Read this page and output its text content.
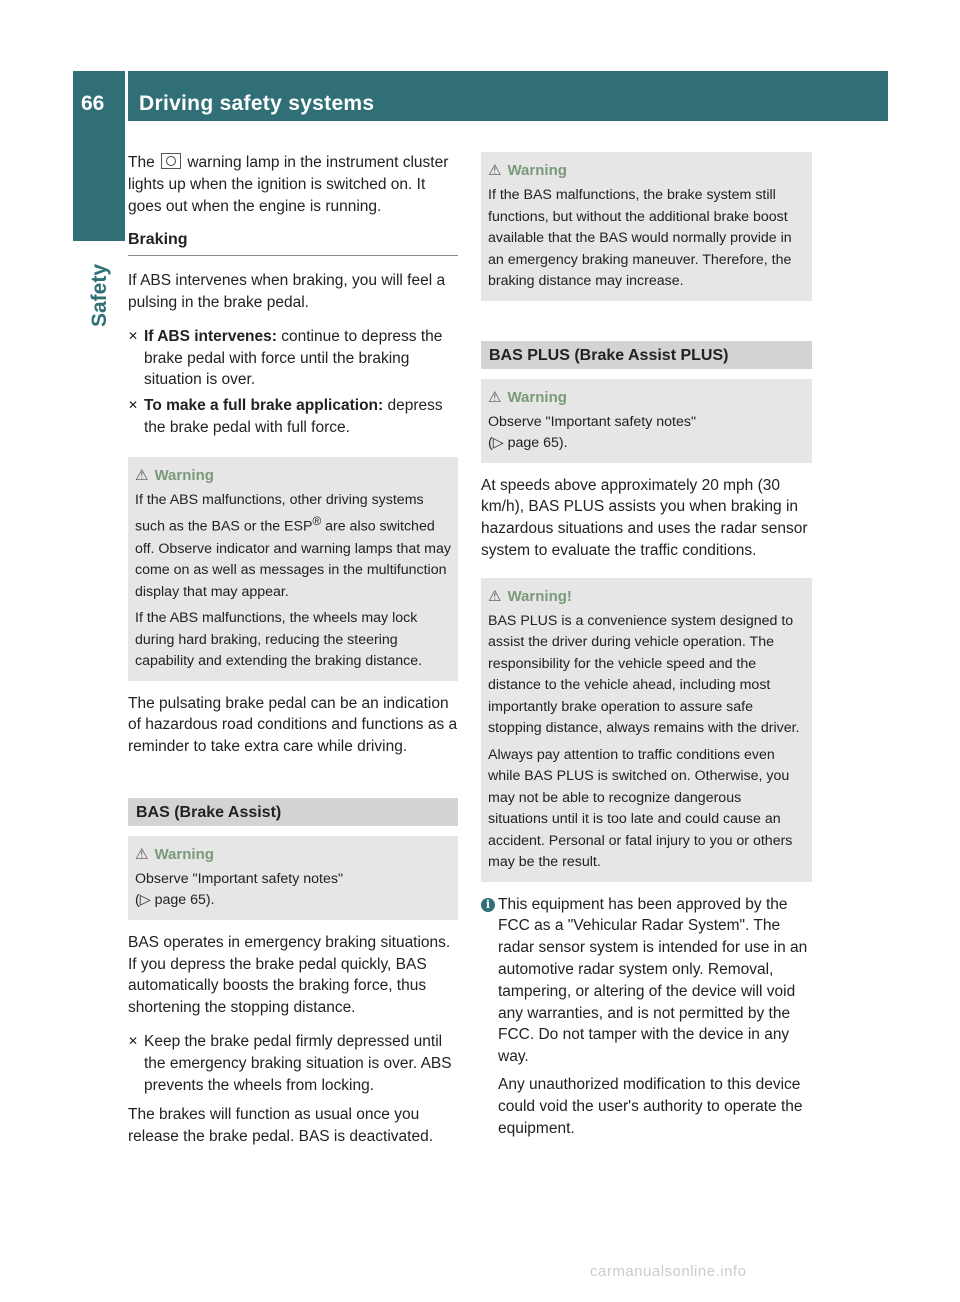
66	Driving safety systems
Safety

The warning lamp in the instrument cluster lights up when the ignition is switched on. It goes out when the engine is running.

Braking

If ABS intervenes when braking, you will feel a pulsing in the brake pedal.

✕ If ABS intervenes: continue to depress the brake pedal with force until the braking situation is over.
✕ To make a full brake application: depress the brake pedal with full force.
⚠ Warning

If the ABS malfunctions, other driving systems such as the BAS or the ESP® are also switched off. Observe indicator and warning lamps that may come on as well as messages in the multifunction display that may appear.

If the ABS malfunctions, the wheels may lock during hard braking, reducing the steering capability and extending the braking distance.

The pulsating brake pedal can be an indication of hazardous road conditions and functions as a reminder to take extra care while driving.

BAS (Brake Assist)
⚠ Warning

Observe "Important safety notes"
(▷ page 65).

BAS operates in emergency braking situations. If you depress the brake pedal quickly, BAS automatically boosts the braking force, thus shortening the stopping distance.

✕ Keep the brake pedal firmly depressed until the emergency braking situation is over. ABS prevents the wheels from locking.

The brakes will function as usual once you release the brake pedal. BAS is deactivated.

⚠ Warning

If the BAS malfunctions, the brake system still functions, but without the additional brake boost available that the BAS would normally provide in an emergency braking maneuver. Therefore, the braking distance may increase.

BAS PLUS (Brake Assist PLUS)
⚠ Warning

Observe "Important safety notes"
(▷ page 65).

At speeds above approximately 20 mph (30 km/h), BAS PLUS assists you when braking in hazardous situations and uses the radar sensor system to evaluate the traffic conditions.

⚠ Warning!

BAS PLUS is a convenience system designed to assist the driver during vehicle operation. The responsibility for the vehicle speed and the distance to the vehicle ahead, including most importantly brake operation to assure safe stopping distance, always remains with the driver.

Always pay attention to traffic conditions even while BAS PLUS is switched on. Otherwise, you may not be able to recognize dangerous situations until it is too late and could cause an accident. Personal or fatal injury to you or others may be the result.

i This equipment has been approved by the FCC as a "Vehicular Radar System". The radar sensor system is intended for use in an automotive radar system only. Removal, tampering, or altering of the device will void any warranties, and is not permitted by the FCC. Do not tamper with the device in any way.

Any unauthorized modification to this device could void the user's authority to operate the equipment.

carmanualsonline.info
